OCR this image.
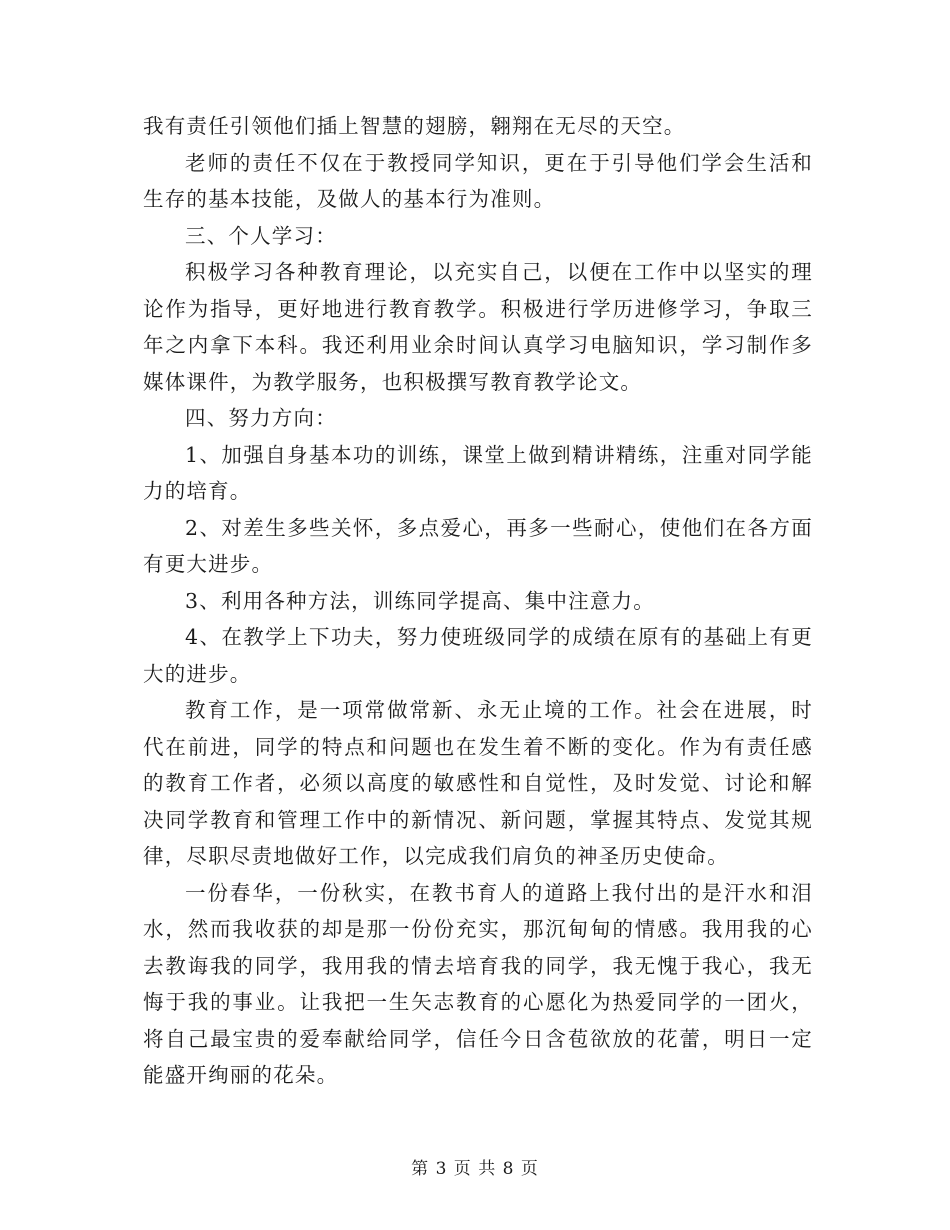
我有责任引领他们插上智慧的翅膀，翱翔在无尽的天空。

老师的责任不仅在于教授同学知识，更在于引导他们学会生活和生存的基本技能，及做人的基本行为准则。

三、个人学习：

积极学习各种教育理论，以充实自己，以便在工作中以坚实的理论作为指导，更好地进行教育教学。积极进行学历进修学习，争取三年之内拿下本科。我还利用业余时间认真学习电脑知识，学习制作多媒体课件，为教学服务，也积极撰写教育教学论文。

四、努力方向：

1、加强自身基本功的训练，课堂上做到精讲精练，注重对同学能力的培育。

2、对差生多些关怀，多点爱心，再多一些耐心，使他们在各方面有更大进步。

3、利用各种方法，训练同学提高、集中注意力。

4、在教学上下功夫，努力使班级同学的成绩在原有的基础上有更大的进步。

教育工作，是一项常做常新、永无止境的工作。社会在进展，时代在前进，同学的特点和问题也在发生着不断的变化。作为有责任感的教育工作者，必须以高度的敏感性和自觉性，及时发觉、讨论和解决同学教育和管理工作中的新情况、新问题，掌握其特点、发觉其规律，尽职尽责地做好工作，以完成我们肩负的神圣历史使命。

一份春华，一份秋实，在教书育人的道路上我付出的是汗水和泪水，然而我收获的却是那一份份充实，那沉甸甸的情感。我用我的心去教诲我的同学，我用我的情去培育我的同学，我无愧于我心，我无悔于我的事业。让我把一生矢志教育的心愿化为热爱同学的一团火，将自己最宝贵的爱奉献给同学，信任今日含苞欲放的花蕾，明日一定能盛开绚丽的花朵。

第 3 页 共 8 页
